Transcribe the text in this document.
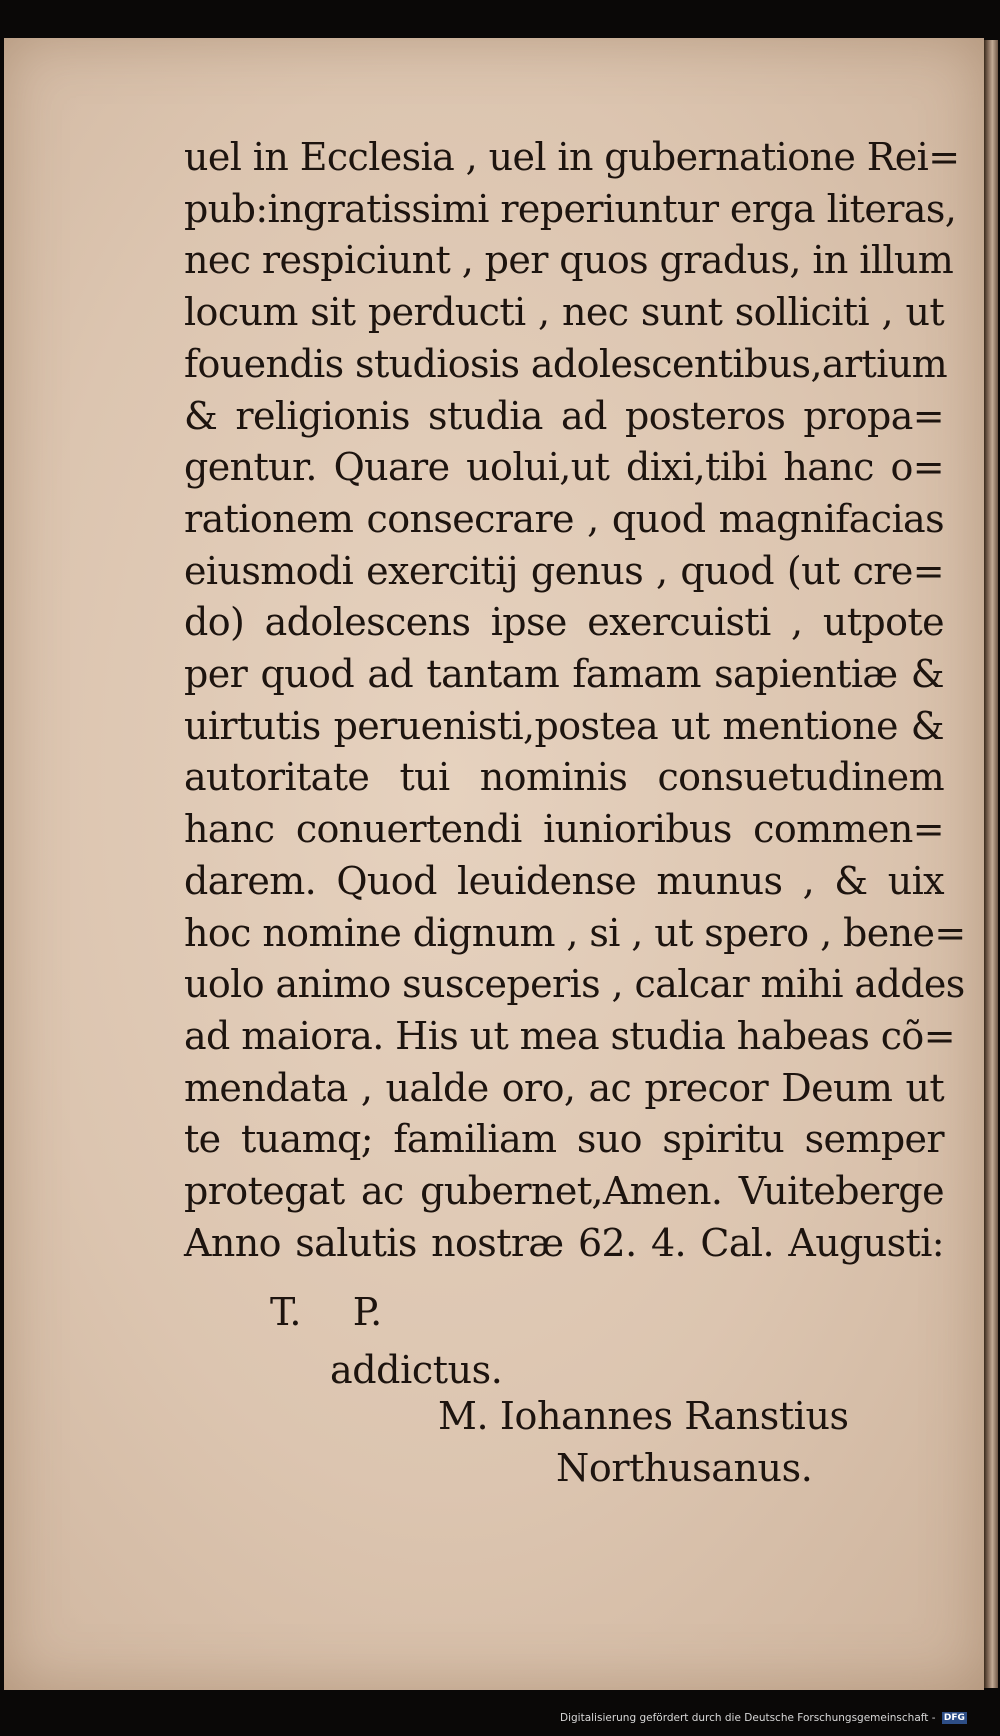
uel in Ecclesia , uel in gubernatione Rei=
pub:ingratissimi reperiuntur erga literas,
nec respiciunt , per quos gradus, in illum
locum sit perducti , nec sunt solliciti , ut
fouendis studiosis adolescentibus,artium
& religionis studia ad posteros propa=
gentur. Quare uolui,ut dixi,tibi hanc o=
rationem consecrare , quod magnifacias
eiusmodi exercitij genus , quod (ut cre=
do) adolescens ipse exercuisti , utpote
per quod ad tantam famam sapientiæ &
uirtutis peruenisti,postea ut mentione &
autoritate tui nominis consuetudinem
hanc conuertendi iunioribus commen=
darem. Quod leuidense munus , & uix
hoc nomine dignum , si , ut spero , bene=
uolo animo susceperis , calcar mihi addes
ad maiora. His ut mea studia habeas cõ=
mendata , ualde oro, ac precor Deum ut
te tuamq; familiam suo spiritu semper
protegat ac gubernet,Amen. Vuiteberge
Anno salutis nostræ 62. 4. Cal. Augusti:
T. P.
addictus.
M. Iohannes Ranstius
Northusanus.
Digitalisierung gefördert durch die Deutsche Forschungsgemeinschaft - DFG
